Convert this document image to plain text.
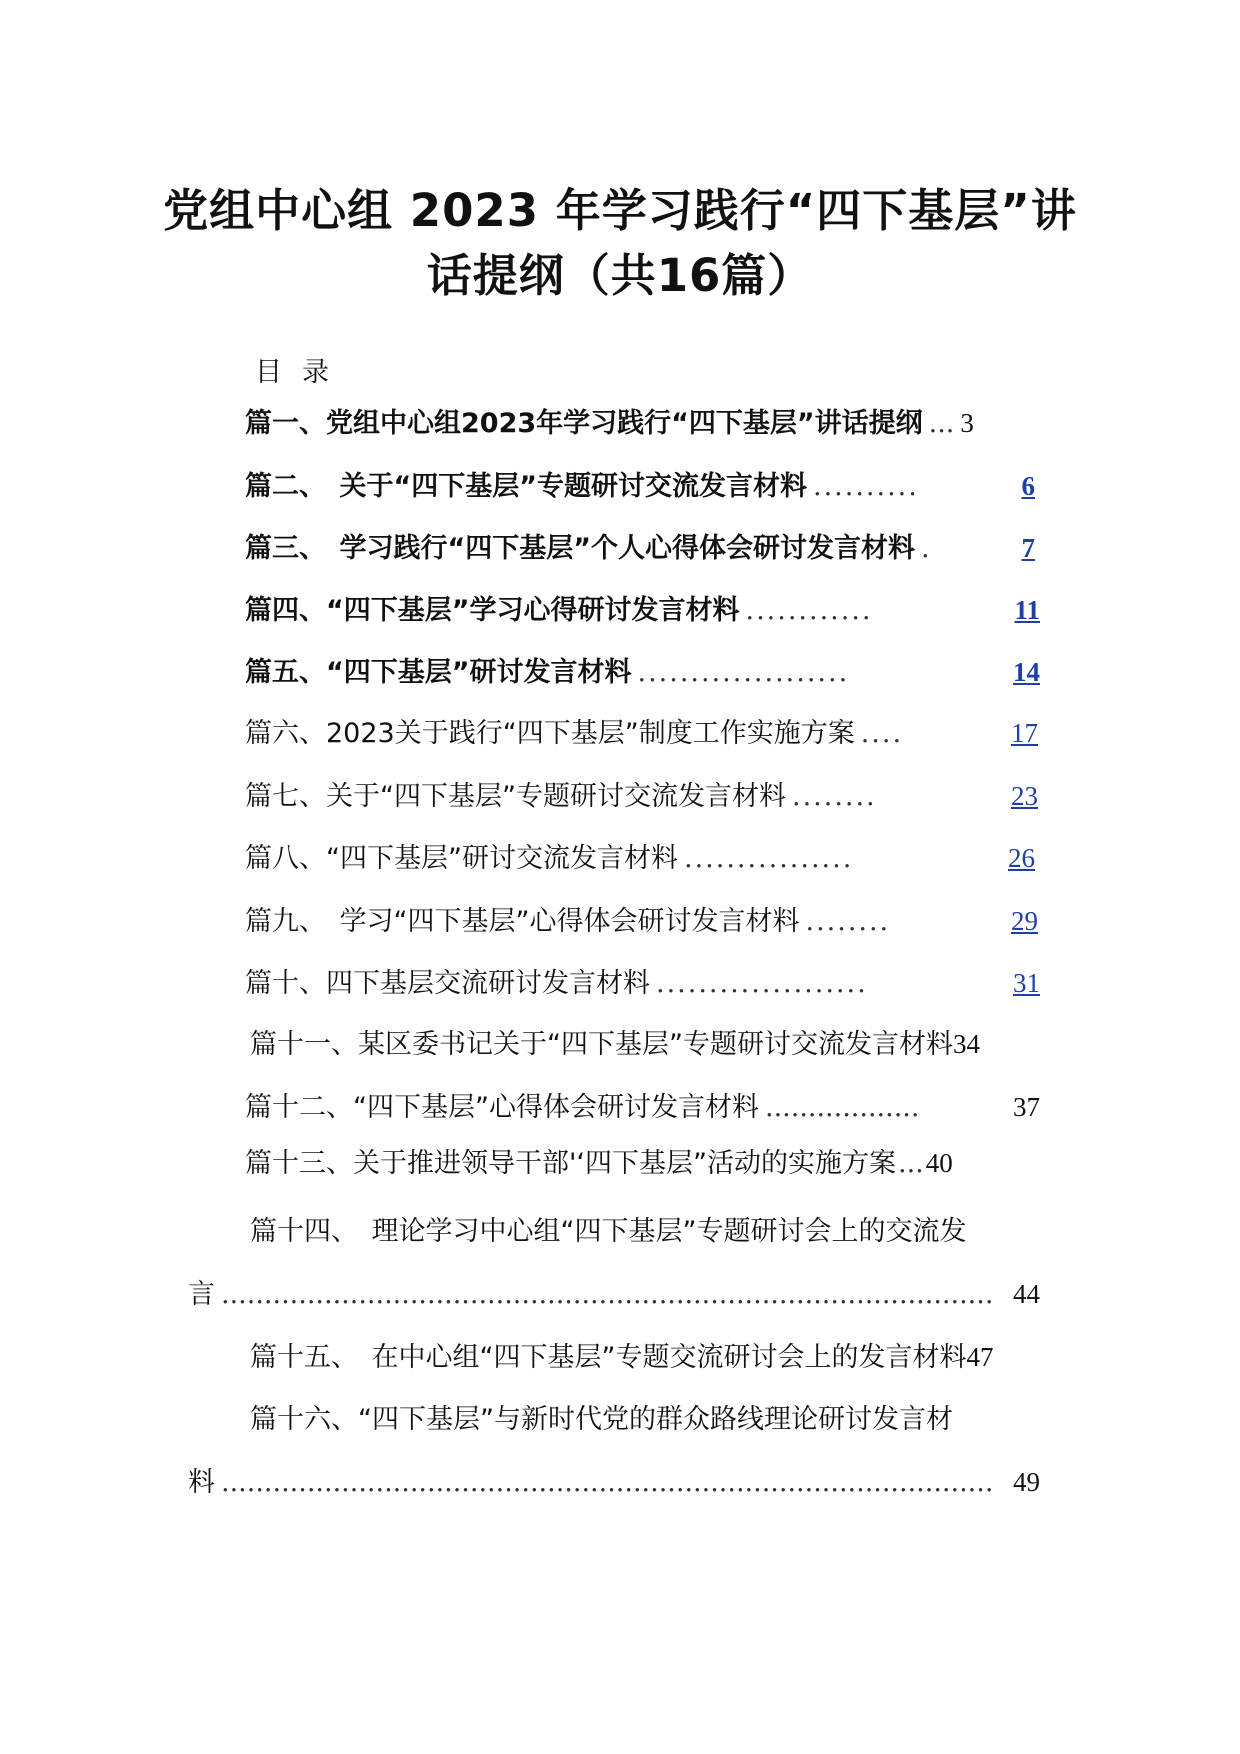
党组中心组 2023 年学习践行“四下基层”讲
话提纲（共16篇）
目录
篇一、党组中心组2023年学习践行“四下基层”讲话提纲 ... 3
篇二、　关于“四下基层”专题研讨交流发言材料 ..........	6
篇三、　学习践行“四下基层”个人心得体会研讨发言材料 .	7
篇四、“四下基层”学习心得研讨发言材料 ............	11
篇五、“四下基层”研讨发言材料 ....................	14
篇六、2023关于践行“四下基层”制度工作实施方案 ....	17
篇七、关于“四下基层”专题研讨交流发言材料 ........	23
篇八、“四下基层”研讨交流发言材料 ................	26
篇九、　学习“四下基层”心得体会研讨发言材料 ........	29
篇十、四下基层交流研讨发言材料 ....................	31
篇十一、某区委书记关于“四下基层”专题研讨交流发言材料 34
篇十二、“四下基层”心得体会研讨发言材料 ..................	37
篇十三、关于推进领导干部'‘四下基层”活动的实施方案 ... 40
篇十四、　理论学习中心组“四下基层”专题研讨会上的交流发
言 .......................................................................................... 44
篇十五、　在中心组“四下基层”专题交流研讨会上的发言材料 47
篇十六、“四下基层”与新时代党的群众路线理论研讨发言材
料 .......................................................................................... 49
